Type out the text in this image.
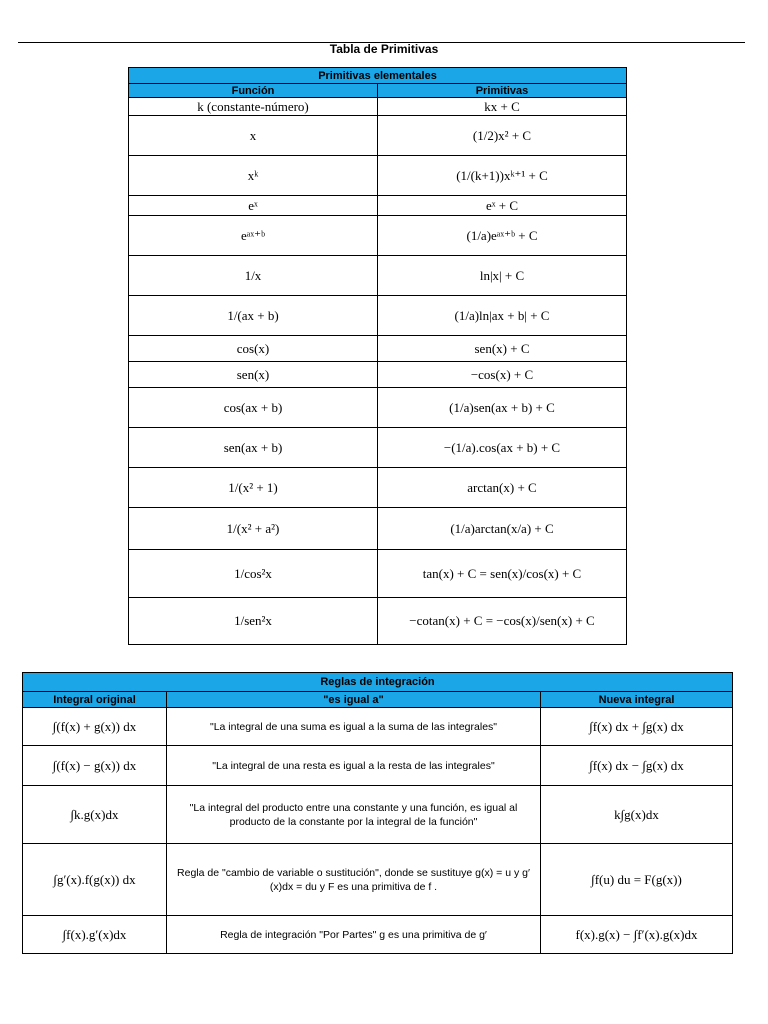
Tabla de Primitivas
Primitivas elementales	
Función	Primitivas
k (constante-número)	kx + C
x	(1/2)x² + C
xᵏ	(1/(k+1))xᵏ⁺¹ + C
eˣ	eˣ + C
eᵃˣ⁺ᵇ	(1/a)eᵃˣ⁺ᵇ + C
1/x	ln|x| + C
1/(ax + b)	(1/a)ln|ax + b| + C
cos(x)	sen(x) + C
sen(x)	−cos(x) + C
cos(ax + b)	(1/a)sen(ax + b) + C
sen(ax + b)	−(1/a).cos(ax + b) + C
1/(x² + 1)	arctan(x) + C
1/(x² + a²)	(1/a)arctan(x/a) + C
1/cos²x	tan(x) + C = sen(x)/cos(x) + C
1/sen²x	−cotan(x) + C = −cos(x)/sen(x) + C
Reglas de integración		
Integral original	"es igual a"	Nueva integral
∫(f(x) + g(x)) dx	"La integral de una suma es igual a la suma de las integrales"	∫f(x) dx + ∫g(x) dx
∫(f(x) − g(x)) dx	"La integral de una resta es igual a la resta de las integrales"	∫f(x) dx − ∫g(x) dx
∫k.g(x)dx	"La integral del producto entre una constante y una función, es igual al producto de la constante por la integral de la función"	k∫g(x)dx
∫g′(x).f(g(x)) dx	Regla de "cambio de variable o sustitución", donde se sustituye g(x) = u y g′(x)dx = du y F es una primitiva de f .	∫f(u) du = F(g(x))
∫f(x).g′(x)dx	Regla de integración "Por Partes" g es una primitiva de g′	f(x).g(x) − ∫f′(x).g(x)dx
